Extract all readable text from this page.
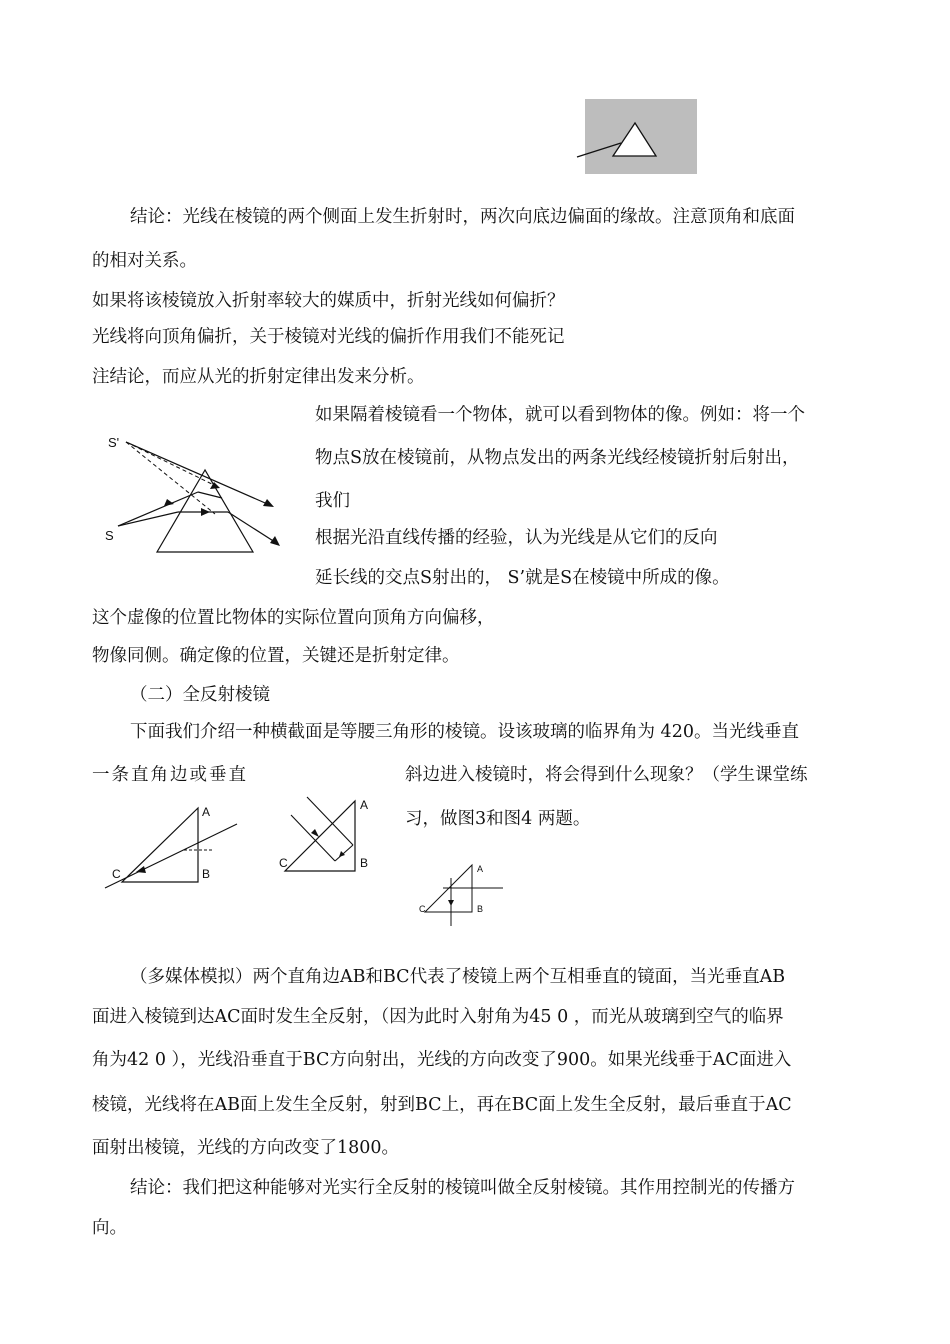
结论：光线在棱镜的两个侧面上发生折射时，两次向底边偏面的缘故。注意顶角和底面
的相对关系。
如果将该棱镜放入折射率较大的媒质中，折射光线如何偏折？
光线将向顶角偏折，关于棱镜对光线的偏折作用我们不能死记
注结论，而应从光的折射定律出发来分析。
S'
S
如果隔着棱镜看一个物体，就可以看到物体的像。例如：将一个
物点S放在棱镜前，从物点发出的两条光线经棱镜折射后射出，
我们
根据光沿直线传播的经验，认为光线是从它们的反向
延长线的交点S射出的， S’就是S在棱镜中所成的像。
这个虚像的位置比物体的实际位置向顶角方向偏移，
物像同侧。确定像的位置，关键还是折射定律。
（二）全反射棱镜
下面我们介绍一种横截面是等腰三角形的棱镜。设该玻璃的临界角为 420。当光线垂直
一条直角边或垂直	斜边进入棱镜时，将会得到什么现象？（学生课堂练
习，做图3和图4 两题。
A
B
C
A
B
C	A
B
C
（多媒体模拟）两个直角边AB和BC代表了棱镜上两个互相垂直的镜面，当光垂直AB
面进入棱镜到达AC面时发生全反射，（因为此时入射角为45 0 ，而光从玻璃到空气的临界
角为42 0 ），光线沿垂直于BC方向射出，光线的方向改变了900。如果光线垂于AC面进入
棱镜，光线将在AB面上发生全反射，射到BC上，再在BC面上发生全反射，最后垂直于AC
面射出棱镜，光线的方向改变了1800。
结论：我们把这种能够对光实行全反射的棱镜叫做全反射棱镜。其作用控制光的传播方
向。
